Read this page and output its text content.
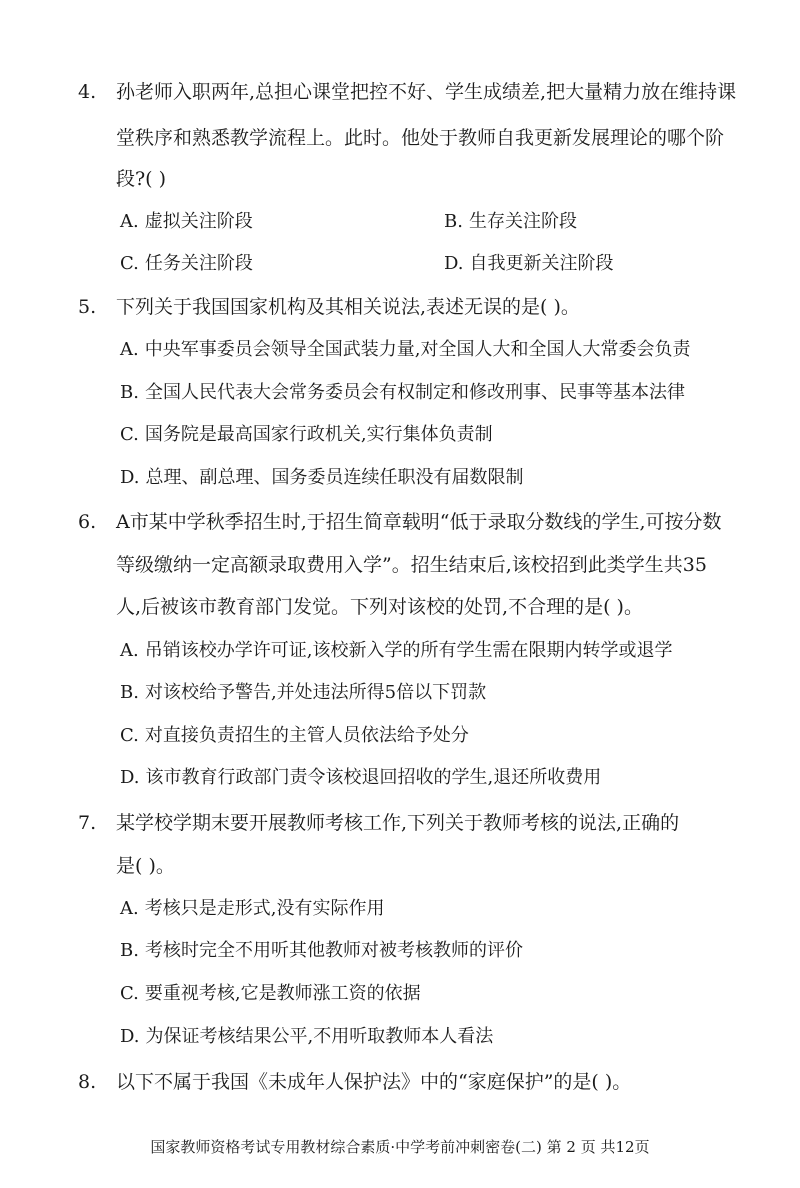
4. 孙老师入职两年,总担心课堂把控不好、学生成绩差,把大量精力放在维持课
堂秩序和熟悉教学流程上。此时。他处于教师自我更新发展理论的哪个阶
段?( )
A. 虚拟关注阶段	B. 生存关注阶段
C. 任务关注阶段	D. 自我更新关注阶段
5. 下列关于我国国家机构及其相关说法,表述无误的是( )。
A. 中央军事委员会领导全国武装力量,对全国人大和全国人大常委会负责
B. 全国人民代表大会常务委员会有权制定和修改刑事、民事等基本法律
C. 国务院是最高国家行政机关,实行集体负责制
D. 总理、副总理、国务委员连续任职没有届数限制
6. A市某中学秋季招生时,于招生简章载明“低于录取分数线的学生,可按分数
等级缴纳一定高额录取费用入学”。招生结束后,该校招到此类学生共35
人,后被该市教育部门发觉。下列对该校的处罚,不合理的是( )。
A. 吊销该校办学许可证,该校新入学的所有学生需在限期内转学或退学
B. 对该校给予警告,并处违法所得5倍以下罚款
C. 对直接负责招生的主管人员依法给予处分
D. 该市教育行政部门责令该校退回招收的学生,退还所收费用
7. 某学校学期末要开展教师考核工作,下列关于教师考核的说法,正确的
是( )。
A. 考核只是走形式,没有实际作用
B. 考核时完全不用听其他教师对被考核教师的评价
C. 要重视考核,它是教师涨工资的依据
D. 为保证考核结果公平,不用听取教师本人看法
8. 以下不属于我国《未成年人保护法》中的“家庭保护”的是( )。
国家教师资格考试专用教材综合素质·中学考前冲刺密卷(二) 第 2 页 共12页
